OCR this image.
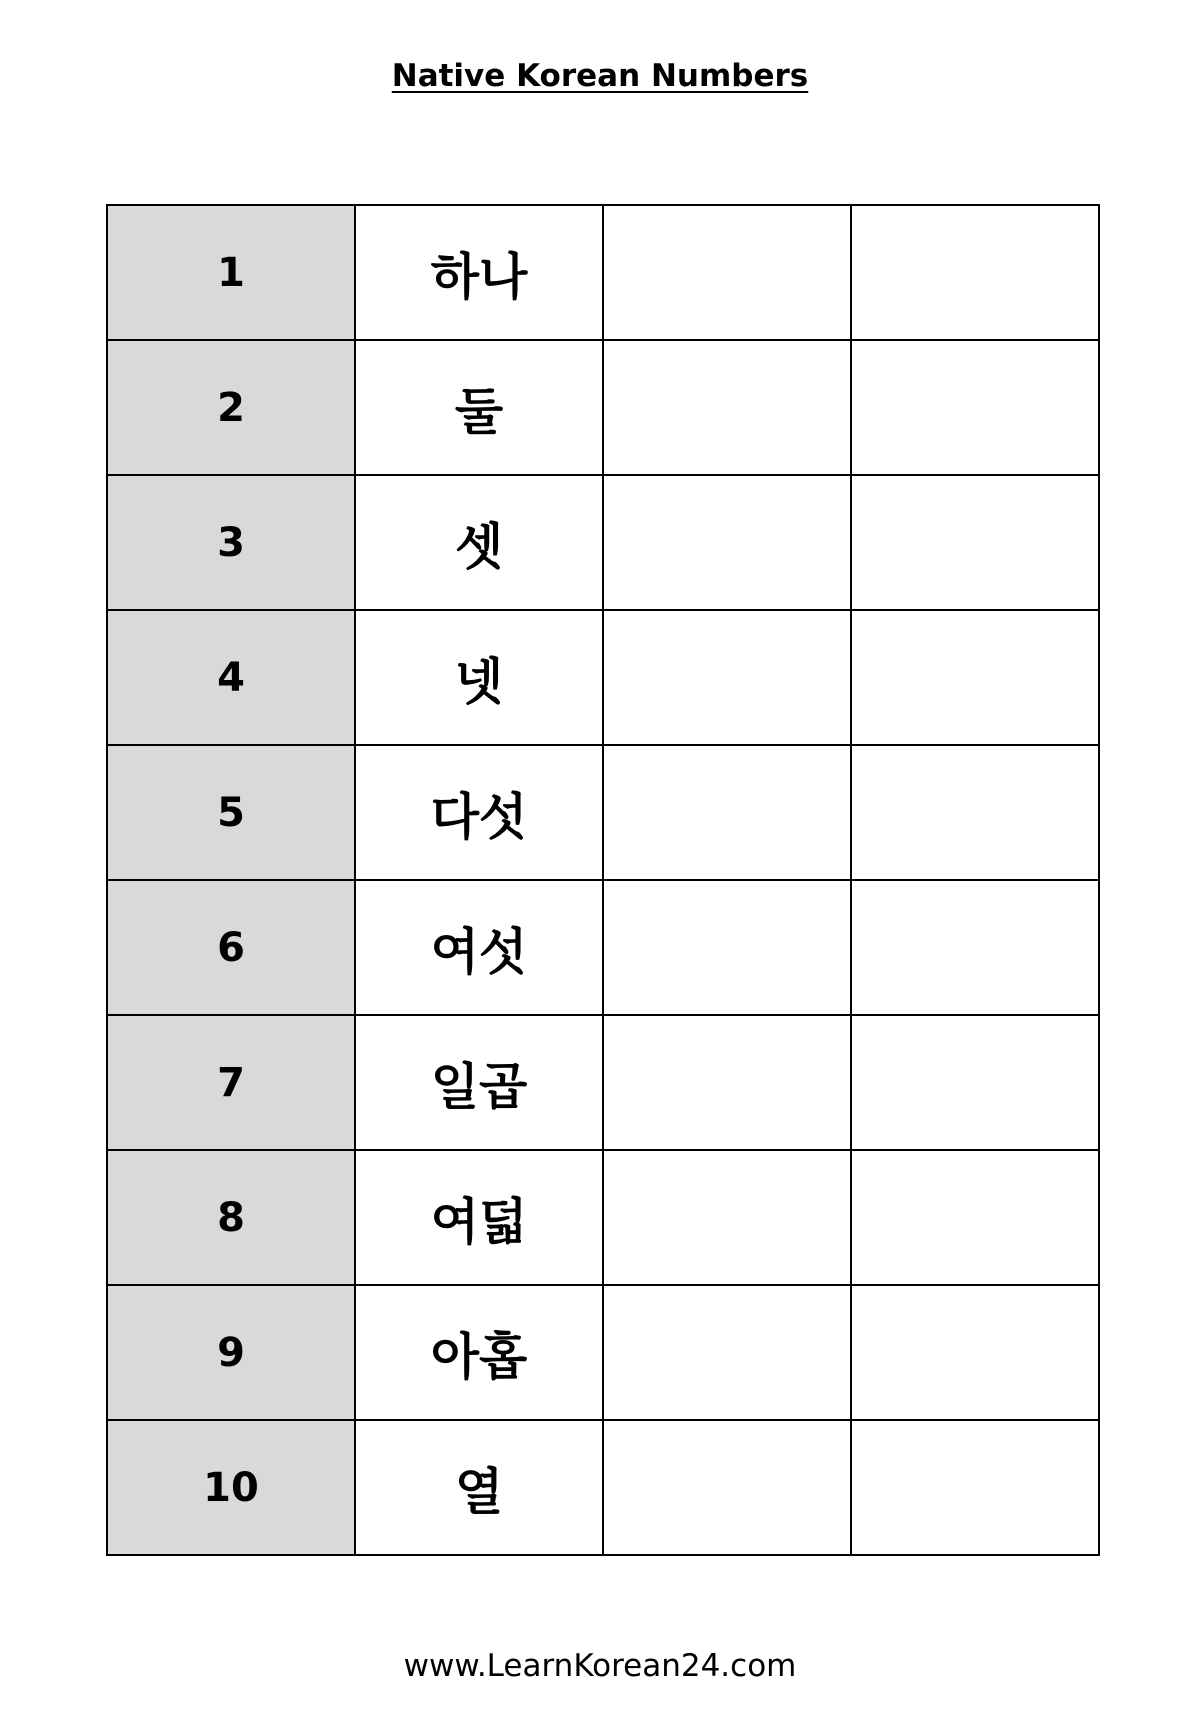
Native Korean Numbers
1	하나		
2	둘		
3	셋		
4	넷		
5	다섯		
6	여섯		
7	일곱		
8	여덟		
9	아홉		
10	열		
www.LearnKorean24.com
